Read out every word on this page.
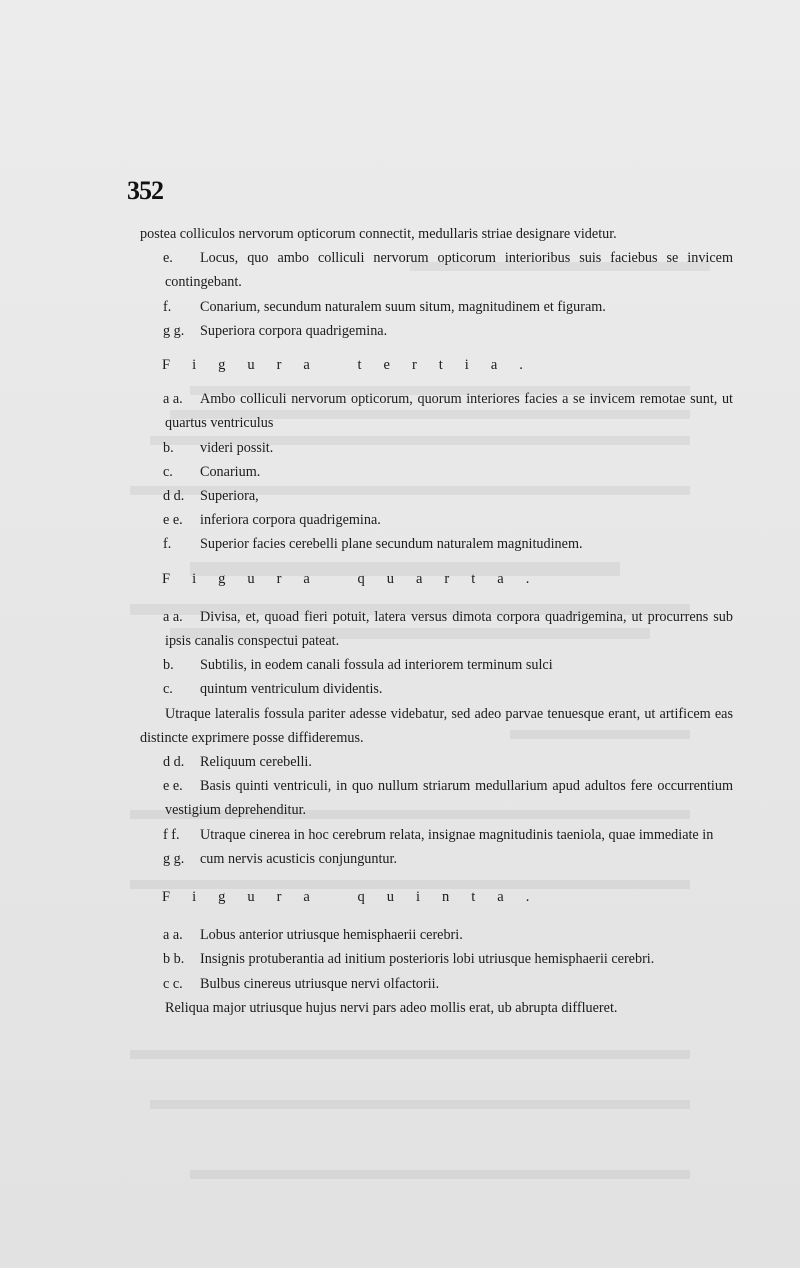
352

postea colliculos nervorum opticorum connectit, medullaris striae designare videtur.

e. Locus, quo ambo colliculi nervorum opticorum interioribus suis faciebus se invicem contingebant.

f. Conarium, secundum naturalem suum situm, magnitudinem et figuram.

g g. Superiora corpora quadrigemina.

Figura tertia.

a a. Ambo colliculi nervorum opticorum, quorum interiores facies a se invicem remotae sunt, ut quartus ventriculus

b. videri possit.

c. Conarium.

d d. Superiora,

e e. inferiora corpora quadrigemina.

f. Superior facies cerebelli plane secundum naturalem magnitudinem.

Figura quarta.

a a. Divisa, et, quoad fieri potuit, latera versus dimota corpora quadrigemina, ut procurrens sub ipsis canalis conspectui pateat.

b. Subtilis, in eodem canali fossula ad interiorem terminum sulci

c. quintum ventriculum dividentis.

Utraque lateralis fossula pariter adesse videbatur, sed adeo parvae tenuesque erant, ut artificem eas distincte exprimere posse diffideremus.

d d. Reliquum cerebelli.

e e. Basis quinti ventriculi, in quo nullum striarum medullarium apud adultos fere occurrentium vestigium deprehenditur.

f f. Utraque cinerea in hoc cerebrum relata, insignae magnitudinis taeniola, quae immediate in

g g. cum nervis acusticis conjunguntur.

Figura quinta.

a a. Lobus anterior utriusque hemisphaerii cerebri.

b b. Insignis protuberantia ad initium posterioris lobi utriusque hemisphaerii cerebri.

c c. Bulbus cinereus utriusque nervi olfactorii.

Reliqua major utriusque hujus nervi pars adeo mollis erat, ub abrupta difflueret.
